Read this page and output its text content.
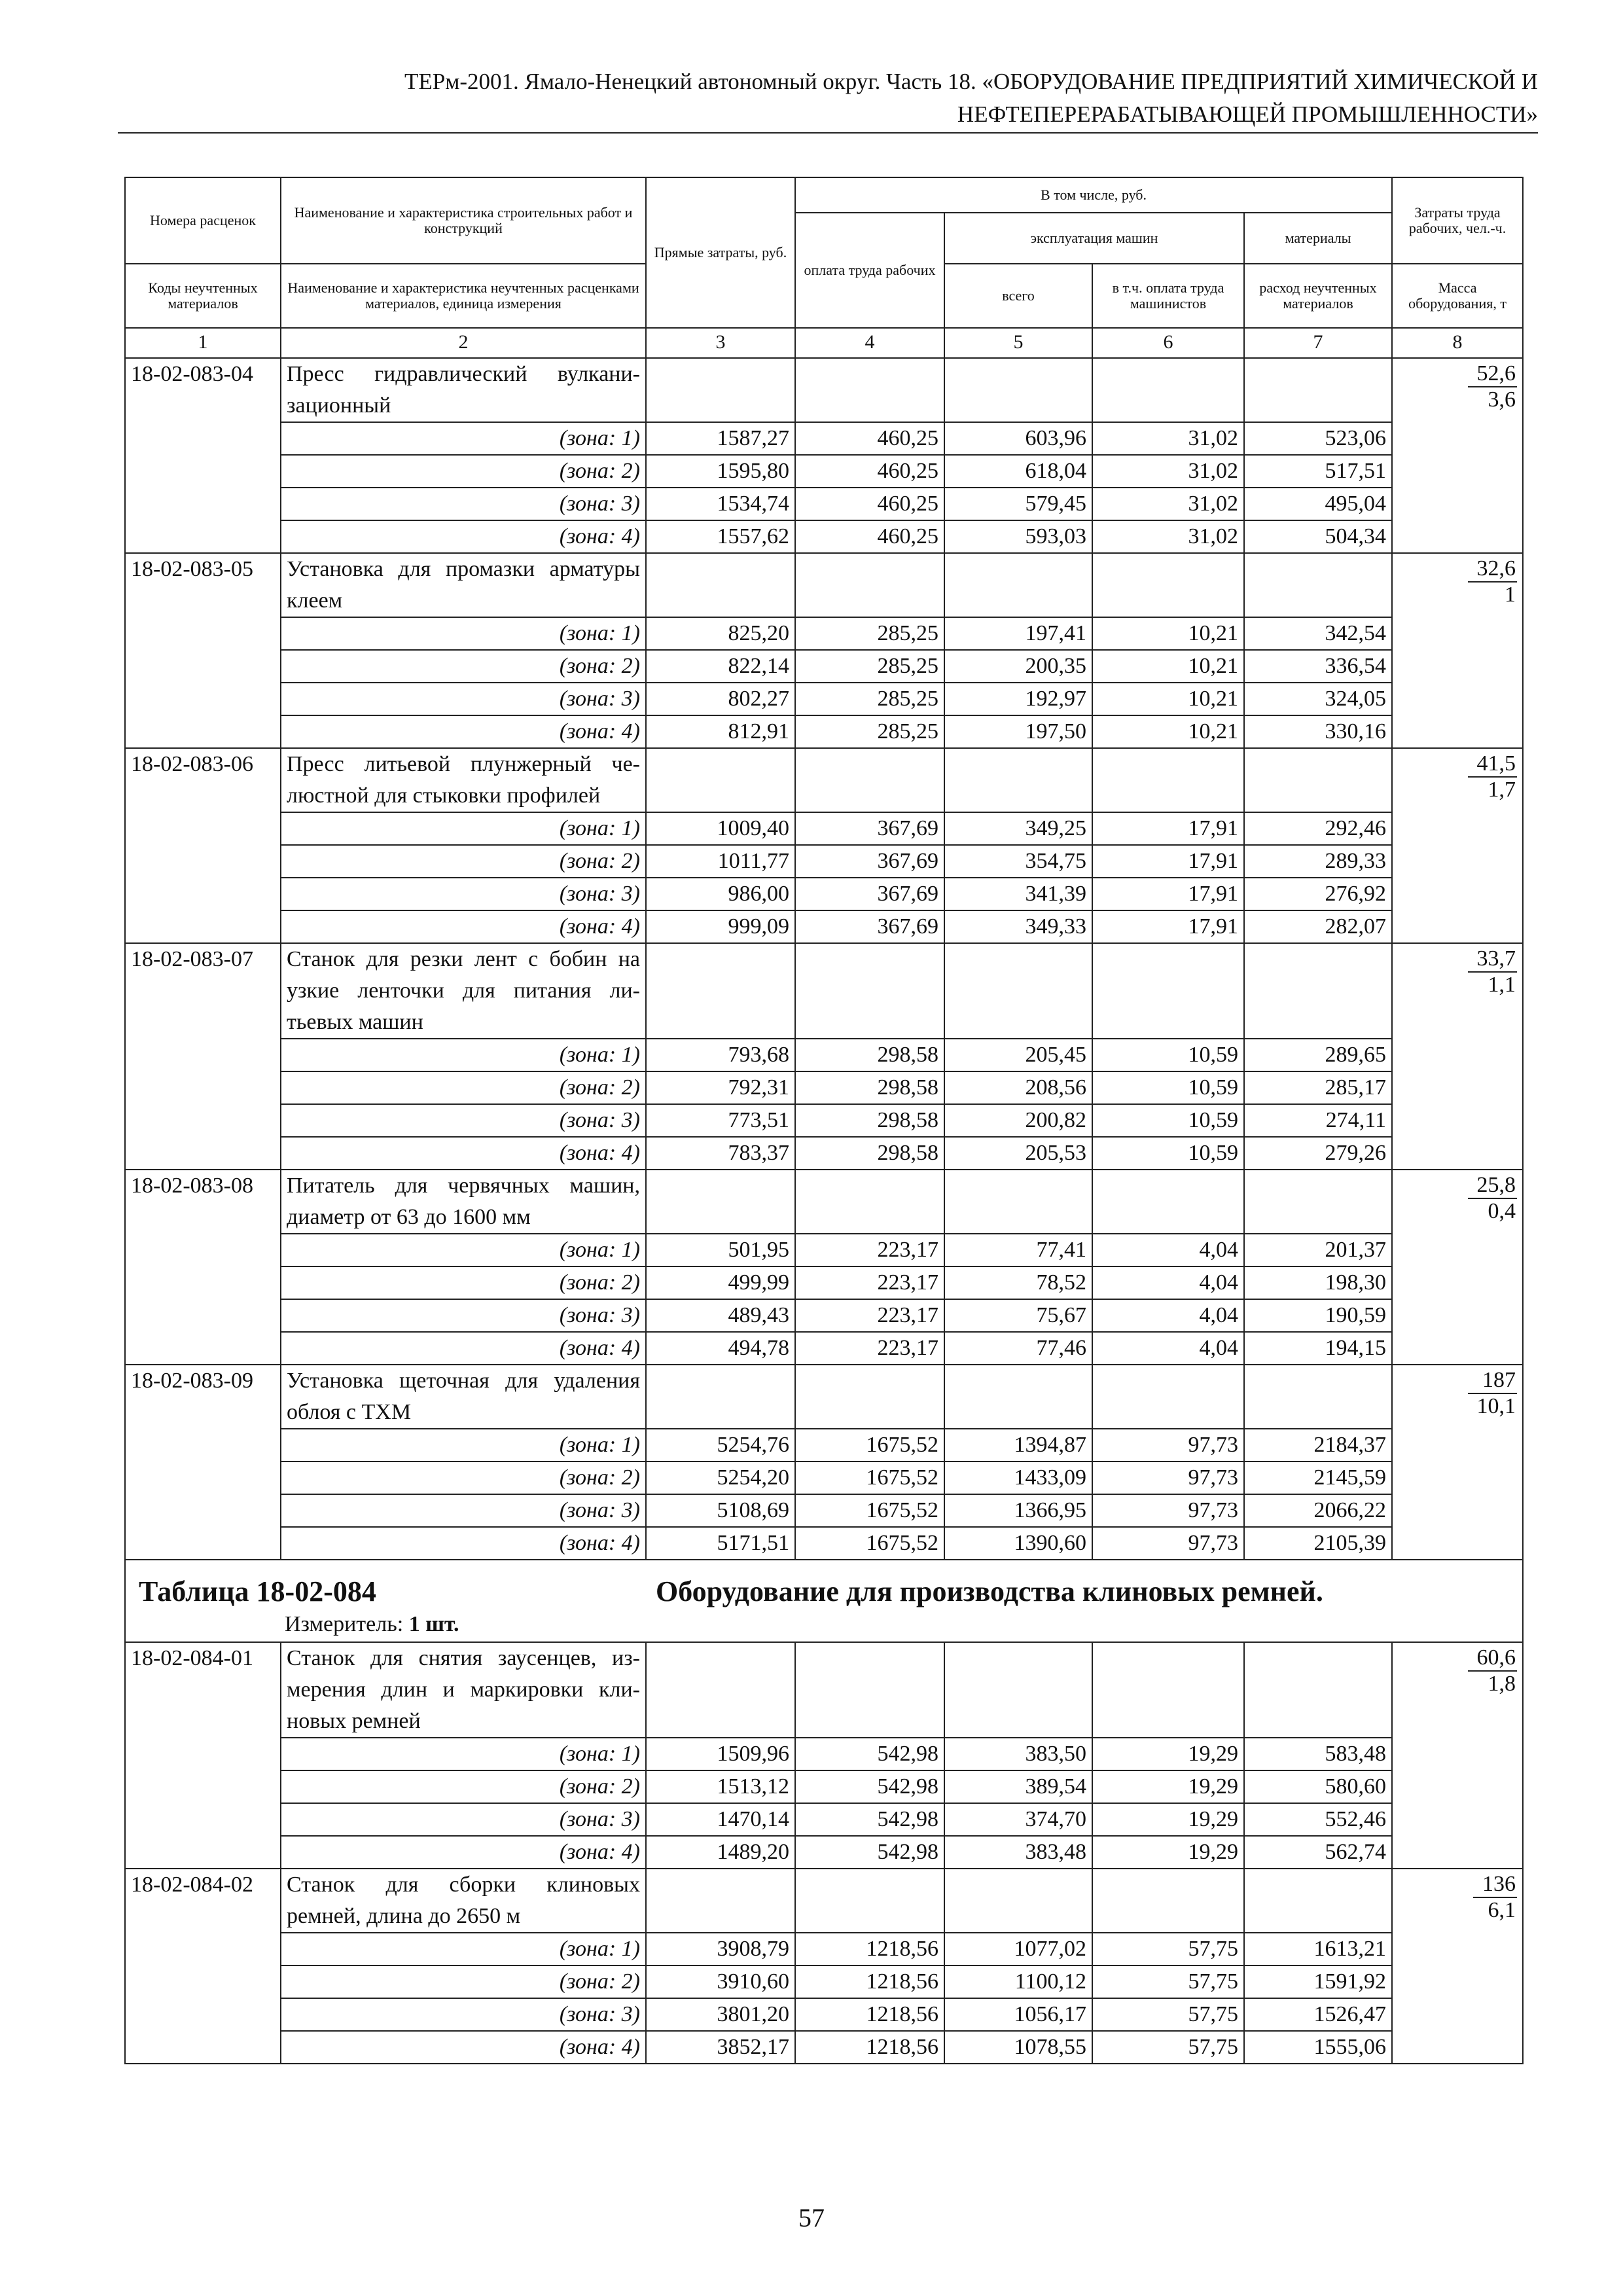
ТЕРм-2001. Ямало-Ненецкий автономный округ. Часть 18. «ОБОРУДОВАНИЕ ПРЕДПРИЯТИЙ ХИМИЧЕСКОЙ И
НЕФТЕПЕРЕРАБАТЫВАЮЩЕЙ ПРОМЫШЛЕННОСТИ»
Номера расценок	Наименование и характеристика строительных работ и конструкций	Прямые затраты, руб.	В том числе, руб.				Затраты труда рабочих, чел.-ч.
			оплата труда рабочих	эксплуатация машин		материалы	
Коды неучтенных материалов	Наименование и характеристика неучтенных расценками материалов, единица измерения			всего	в т.ч. оплата труда машинистов	расход неучтенных материалов	Масса оборудования, т
1	2	3	4	5	6	7	8
18-02-083-04	Пресс гидравлический вулканизационный						$\frac{52,6}{3,6}$

	(зона: 1)	1587,27	460,25	603,96	31,02	523,06	
	(зона: 2)	1595,80	460,25	618,04	31,02	517,51	
	(зона: 3)	1534,74	460,25	579,45	31,02	495,04	
	(зона: 4)	1557,62	460,25	593,03	31,02	504,34	
18-02-083-05	Установка для промазки арматуры клеем						$\frac{32,6}{1}$

	(зона: 1)	825,20	285,25	197,41	10,21	342,54	
	(зона: 2)	822,14	285,25	200,35	10,21	336,54	
	(зона: 3)	802,27	285,25	192,97	10,21	324,05	
	(зона: 4)	812,91	285,25	197,50	10,21	330,16	
18-02-083-06	Пресс литьевой плунжерный челюстной для стыковки профилей						$\frac{41,5}{1,7}$

	(зона: 1)	1009,40	367,69	349,25	17,91	292,46	
	(зона: 2)	1011,77	367,69	354,75	17,91	289,33	
	(зона: 3)	986,00	367,69	341,39	17,91	276,92	
	(зона: 4)	999,09	367,69	349,33	17,91	282,07	
18-02-083-07	Станок для резки лент с бобин на узкие ленточки для питания литьевых машин						$\frac{33,7}{1,1}$

	(зона: 1)	793,68	298,58	205,45	10,59	289,65	
	(зона: 2)	792,31	298,58	208,56	10,59	285,17	
	(зона: 3)	773,51	298,58	200,82	10,59	274,11	
	(зона: 4)	783,37	298,58	205,53	10,59	279,26	
18-02-083-08	Питатель для червячных машин, диаметр от 63 до 1600 мм						$\frac{25,8}{0,4}$

	(зона: 1)	501,95	223,17	77,41	4,04	201,37	
	(зона: 2)	499,99	223,17	78,52	4,04	198,30	
	(зона: 3)	489,43	223,17	75,67	4,04	190,59	
	(зона: 4)	494,78	223,17	77,46	4,04	194,15	
18-02-083-09	Установка щеточная для удаления облоя с ТХМ						$\frac{187}{10,1}$

	(зона: 1)	5254,76	1675,52	1394,87	97,73	2184,37	
	(зона: 2)	5254,20	1675,52	1433,09	97,73	2145,59	
	(зона: 3)	5108,69	1675,52	1366,95	97,73	2066,22	
	(зона: 4)	5171,51	1675,52	1390,60	97,73	2105,39	

Таблица 18-02-084 Оборудование для производства клиновых ремней.
Измеритель: 1 шт.							

18-02-084-01	Станок для снятия заусенцев, измерения длин и маркировки клиновых ремней						$\frac{60,6}{1,8}$

	(зона: 1)	1509,96	542,98	383,50	19,29	583,48	
	(зона: 2)	1513,12	542,98	389,54	19,29	580,60	
	(зона: 3)	1470,14	542,98	374,70	19,29	552,46	
	(зона: 4)	1489,20	542,98	383,48	19,29	562,74	
18-02-084-02	Станок для сборки клиновых ремней, длина до 2650 м						$\frac{136}{6,1}$

	(зона: 1)	3908,79	1218,56	1077,02	57,75	1613,21	
	(зона: 2)	3910,60	1218,56	1100,12	57,75	1591,92	
	(зона: 3)	3801,20	1218,56	1056,17	57,75	1526,47	
	(зона: 4)	3852,17	1218,56	1078,55	57,75	1555,06	
57
